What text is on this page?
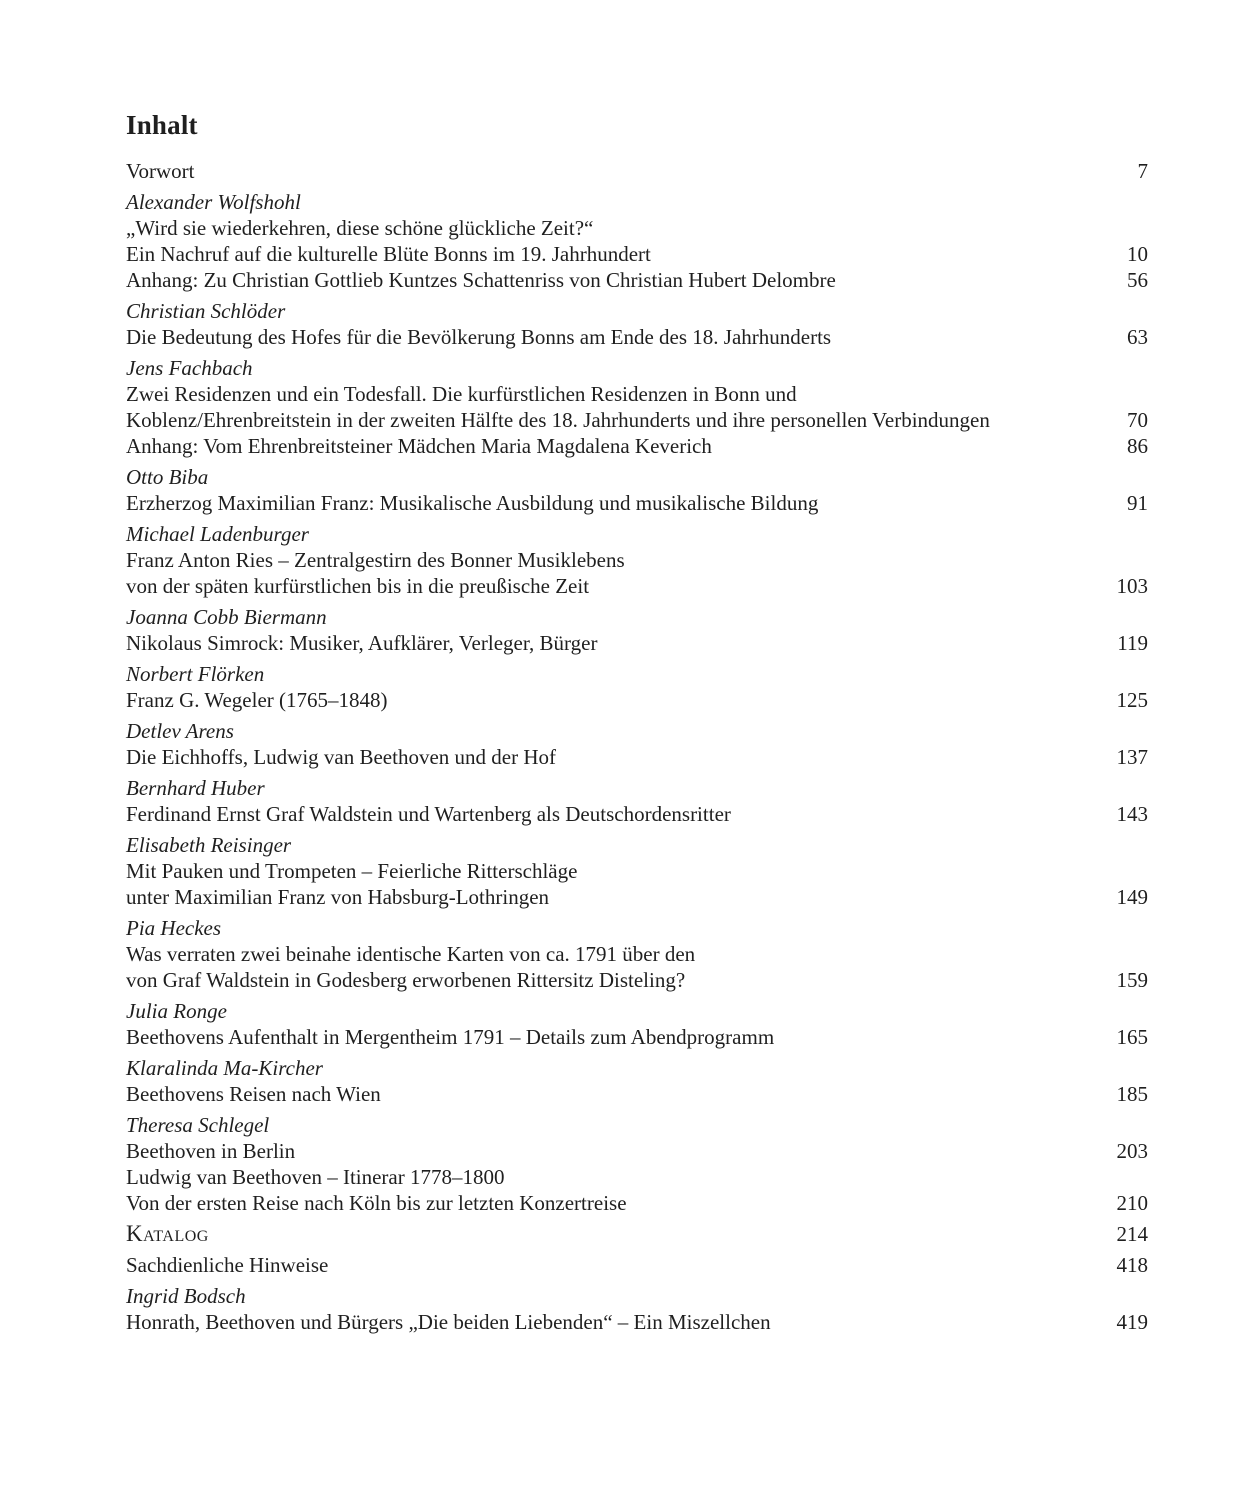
Inhalt
Vorwort	7
Alexander Wolfshohl
„Wird sie wiederkehren, diese schöne glückliche Zeit?“
Ein Nachruf auf die kulturelle Blüte Bonns im 19. Jahrhundert	10
Anhang: Zu Christian Gottlieb Kuntzes Schattenriss von Christian Hubert Delombre	56
Christian Schlöder
Die Bedeutung des Hofes für die Bevölkerung Bonns am Ende des 18. Jahrhunderts	63
Jens Fachbach
Zwei Residenzen und ein Todesfall. Die kurfürstlichen Residenzen in Bonn und
Koblenz/Ehrenbreitstein in der zweiten Hälfte des 18. Jahrhunderts und ihre personellen Verbindungen	70
Anhang: Vom Ehrenbreitsteiner Mädchen Maria Magdalena Keverich	86
Otto Biba
Erzherzog Maximilian Franz: Musikalische Ausbildung und musikalische Bildung	91
Michael Ladenburger
Franz Anton Ries – Zentralgestirn des Bonner Musiklebens
von der späten kurfürstlichen bis in die preußische Zeit	103
Joanna Cobb Biermann
Nikolaus Simrock: Musiker, Aufklärer, Verleger, Bürger	119
Norbert Flörken
Franz G. Wegeler (1765–1848)	125
Detlev Arens
Die Eichhoffs, Ludwig van Beethoven und der Hof	137
Bernhard Huber
Ferdinand Ernst Graf Waldstein und Wartenberg als Deutschordensritter	143
Elisabeth Reisinger
Mit Pauken und Trompeten – Feierliche Ritterschläge
unter Maximilian Franz von Habsburg-Lothringen	149
Pia Heckes
Was verraten zwei beinahe identische Karten von ca. 1791 über den
von Graf Waldstein in Godesberg erworbenen Rittersitz Disteling?	159
Julia Ronge
Beethovens Aufenthalt in Mergentheim 1791 – Details zum Abendprogramm	165
Klaralinda Ma-Kircher
Beethovens Reisen nach Wien	185
Theresa Schlegel
Beethoven in Berlin	203
Ludwig van Beethoven – Itinerar 1778–1800
Von der ersten Reise nach Köln bis zur letzten Konzertreise	210
Katalog	214
Sachdienliche Hinweise	418
Ingrid Bodsch
Honrath, Beethoven und Bürgers „Die beiden Liebenden“ – Ein Miszellchen	419
